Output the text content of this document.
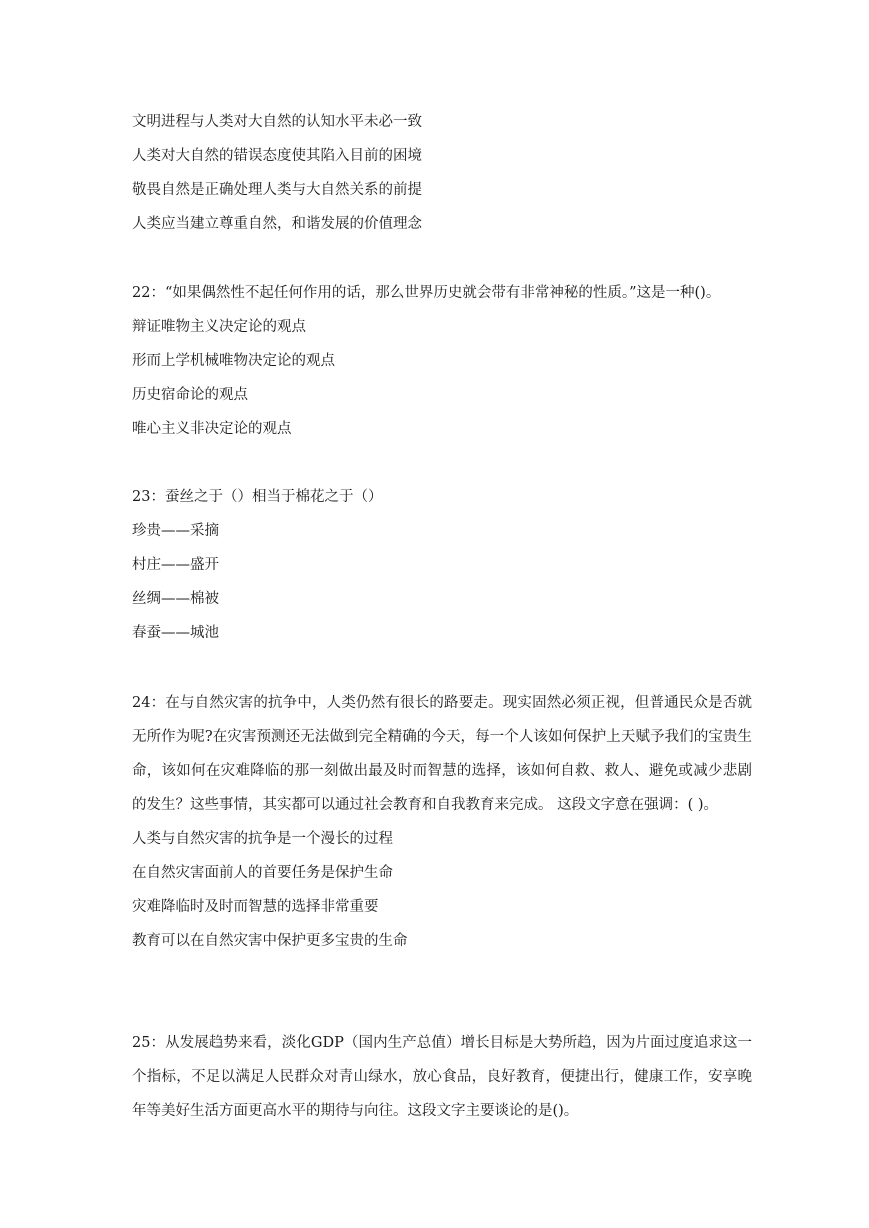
文明进程与人类对大自然的认知水平未必一致
人类对大自然的错误态度使其陷入目前的困境
敬畏自然是正确处理人类与大自然关系的前提
人类应当建立尊重自然，和谐发展的价值理念
22：“如果偶然性不起任何作用的话，那么世界历史就会带有非常神秘的性质。”这是一种()。
辩证唯物主义决定论的观点
形而上学机械唯物决定论的观点
历史宿命论的观点
唯心主义非决定论的观点
23：蚕丝之于（）相当于棉花之于（）
珍贵——采摘
村庄——盛开
丝绸——棉被
春蚕——城池
24：在与自然灾害的抗争中，人类仍然有很长的路要走。现实固然必须正视，但普通民众是否就无所作为呢?在灾害预测还无法做到完全精确的今天，每一个人该如何保护上天赋予我们的宝贵生命，该如何在灾难降临的那一刻做出最及时而智慧的选择，该如何自救、救人、避免或减少悲剧的发生？这些事情，其实都可以通过社会教育和自我教育来完成。 这段文字意在强调：( )。
人类与自然灾害的抗争是一个漫长的过程
在自然灾害面前人的首要任务是保护生命
灾难降临时及时而智慧的选择非常重要
教育可以在自然灾害中保护更多宝贵的生命
25：从发展趋势来看，淡化GDP（国内生产总值）增长目标是大势所趋，因为片面过度追求这一个指标，不足以满足人民群众对青山绿水，放心食品，良好教育，便捷出行，健康工作，安享晚年等美好生活方面更高水平的期待与向往。这段文字主要谈论的是()。
